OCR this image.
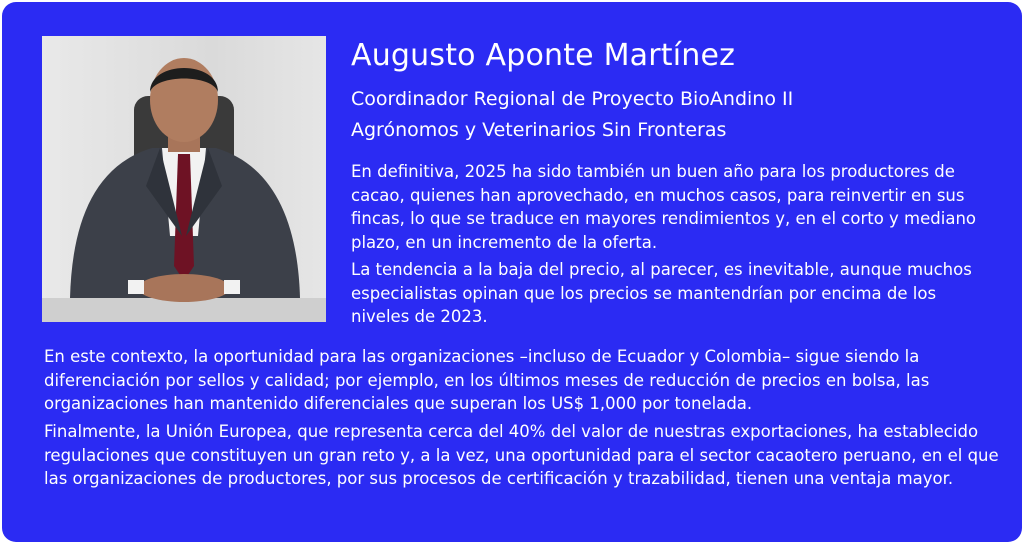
Augusto Aponte Martínez

Coordinador Regional de Proyecto BioAndino II

Agrónomos y Veterinarios Sin Fronteras

En definitiva, 2025 ha sido también un buen año para los productores de cacao, quienes han aprovechado, en muchos casos, para reinvertir en sus fincas, lo que se traduce en mayores rendimientos y, en el corto y mediano plazo, en un incremento de la oferta.

La tendencia a la baja del precio, al parecer, es inevitable, aunque muchos especialistas opinan que los precios se mantendrían por encima de los niveles de 2023.

En este contexto, la oportunidad para las organizaciones –incluso de Ecuador y Colombia– sigue siendo la diferenciación por sellos y calidad; por ejemplo, en los últimos meses de reducción de precios en bolsa, las organizaciones han mantenido diferenciales que superan los US$ 1,000 por tonelada.

Finalmente, la Unión Europea, que representa cerca del 40% del valor de nuestras exportaciones, ha establecido regulaciones que constituyen un gran reto y, a la vez, una oportunidad para el sector cacaotero peruano, en el que las organizaciones de productores, por sus procesos de certificación y trazabilidad, tienen una ventaja mayor.
